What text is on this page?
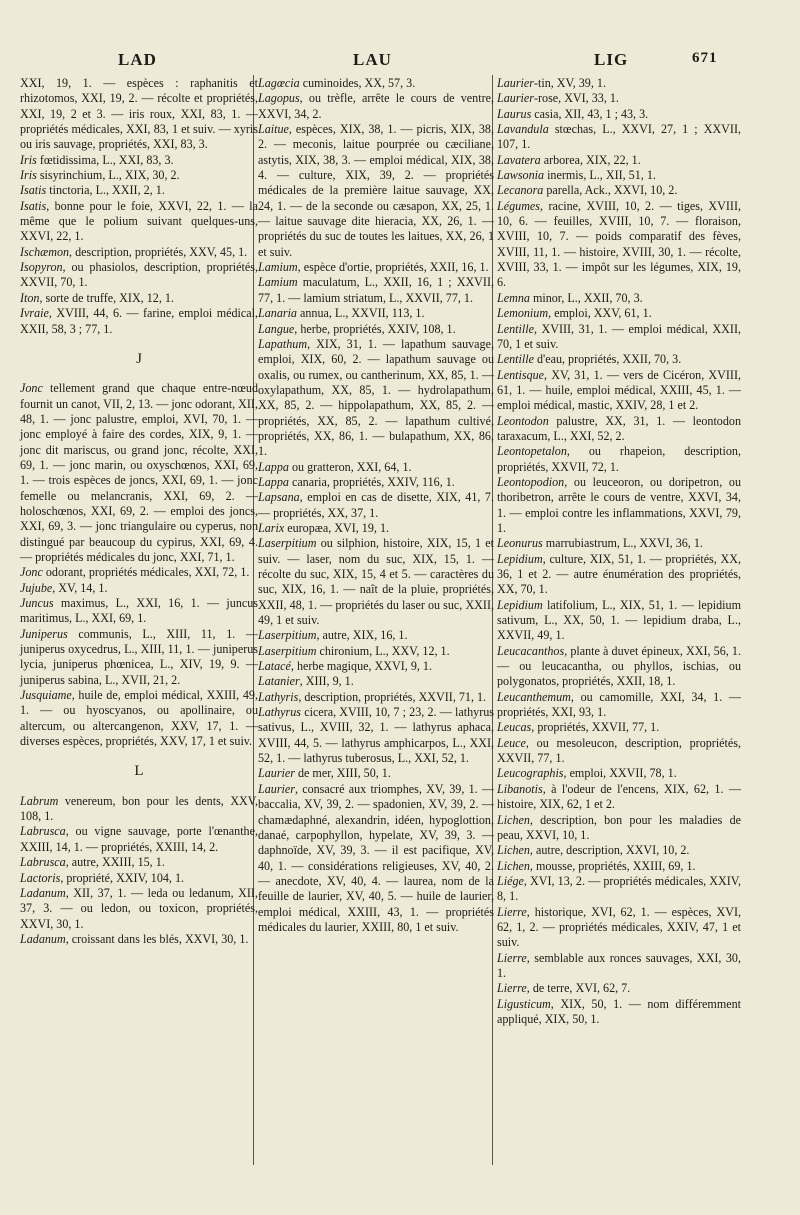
LAD	LAU	LIG	671

XXI, 19, 1. — espèces : raphanitis et rhizotomos, XXI, 19, 2. — récolte et propriétés, XXI, 19, 2 et 3. — iris roux, XXI, 83, 1. — propriétés médicales, XXI, 83, 1 et suiv. — xyris ou iris sauvage, propriétés, XXI, 83, 3.

Iris fœtidissima, L., XXI, 83, 3.

Iris sisyrinchium, L., XIX, 30, 2.

Isatis tinctoria, L., XXII, 2, 1.

Isatis, bonne pour le foie, XXVI, 22, 1. — la même que le polium suivant quelques-uns, XXVI, 22, 1.

Ischæmon, description, propriétés, XXV, 45, 1.

Isopyron, ou phasiolos, description, propriétés, XXVII, 70, 1.

Iton, sorte de truffe, XIX, 12, 1.

Ivraie, XVIII, 44, 6. — farine, emploi médical, XXII, 58, 3 ; 77, 1.

J

Jonc tellement grand que chaque entre-nœud fournit un canot, VII, 2, 13. — jonc odorant, XII, 48, 1. — jonc palustre, emploi, XVI, 70, 1. — jonc employé à faire des cordes, XIX, 9, 1. — jonc dit mariscus, ou grand jonc, récolte, XXI, 69, 1. — jonc marin, ou oxyschœnos, XXI, 69, 1. — trois espèces de joncs, XXI, 69, 1. — jonc femelle ou melancranis, XXI, 69, 2. — holoschœnos, XXI, 69, 2. — emploi des joncs, XXI, 69, 3. — jonc triangulaire ou cyperus, non distingué par beaucoup du cypirus, XXI, 69, 4. — propriétés médicales du jonc, XXI, 71, 1.

Jonc odorant, propriétés médicales, XXI, 72, 1.

Jujube, XV, 14, 1.

Juncus maximus, L., XXI, 16, 1. — juncus maritimus, L., XXI, 69, 1.

Juniperus communis, L., XIII, 11, 1. — juniperus oxycedrus, L., XIII, 11, 1. — juniperus lycia, juniperus phœnicea, L., XIV, 19, 9. — juniperus sabina, L., XVII, 21, 2.

Jusquiame, huile de, emploi médical, XXIII, 49, 1. — ou hyoscyanos, ou apollinaire, ou altercum, ou altercangenon, XXV, 17, 1. — diverses espèces, propriétés, XXV, 17, 1 et suiv.

L

Labrum venereum, bon pour les dents, XXV, 108, 1.

Labrusca, ou vigne sauvage, porte l'œnanthe, XXIII, 14, 1. — propriétés, XXIII, 14, 2.

Labrusca, autre, XXIII, 15, 1.

Lactoris, propriété, XXIV, 104, 1.

Ladanum, XII, 37, 1. — leda ou ledanum, XII, 37, 3. — ou ledon, ou toxicon, propriétés, XXVI, 30, 1.

Ladanum, croissant dans les blés, XXVI, 30, 1.

Lagœcia cuminoides, XX, 57, 3.

Lagopus, ou trèfle, arrête le cours de ventre, XXVI, 34, 2.

Laitue, espèces, XIX, 38, 1. — picris, XIX, 38, 2. — meconis, laitue pourprée ou cæciliane, astytis, XIX, 38, 3. — emploi médical, XIX, 38, 4. — culture, XIX, 39, 2. — propriétés médicales de la première laitue sauvage, XX, 24, 1. — de la seconde ou cæsapon, XX, 25, 1. — laitue sauvage dite hieracia, XX, 26, 1. — propriétés du suc de toutes les laitues, XX, 26, 1 et suiv.

Lamium, espèce d'ortie, propriétés, XXII, 16, 1.

Lamium maculatum, L., XXII, 16, 1 ; XXVII, 77, 1. — lamium striatum, L., XXVII, 77, 1.

Lanaria annua, L., XXVII, 113, 1.

Langue, herbe, propriétés, XXIV, 108, 1.

Lapathum, XIX, 31, 1. — lapathum sauvage, emploi, XIX, 60, 2. — lapathum sauvage ou oxalis, ou rumex, ou cantherinum, XX, 85, 1. — oxylapathum, XX, 85, 1. — hydrolapathum, XX, 85, 2. — hippolapathum, XX, 85, 2. — propriétés, XX, 85, 2. — lapathum cultivé, propriétés, XX, 86, 1. — bulapathum, XX, 86, 1.

Lappa ou gratteron, XXI, 64, 1.

Lappa canaria, propriétés, XXIV, 116, 1.

Lapsana, emploi en cas de disette, XIX, 41, 7. — propriétés, XX, 37, 1.

Larix europæa, XVI, 19, 1.

Laserpitium ou silphion, histoire, XIX, 15, 1 et suiv. — laser, nom du suc, XIX, 15, 1. — récolte du suc, XIX, 15, 4 et 5. — caractères du suc, XIX, 16, 1. — naît de la pluie, propriétés, XXII, 48, 1. — propriétés du laser ou suc, XXII, 49, 1 et suiv.

Laserpitium, autre, XIX, 16, 1.

Laserpitium chironium, L., XXV, 12, 1.

Latacé, herbe magique, XXVI, 9, 1.

Latanier, XIII, 9, 1.

Lathyris, description, propriétés, XXVII, 71, 1.

Lathyrus cicera, XVIII, 10, 7 ; 23, 2. — lathyrus sativus, L., XVIII, 32, 1. — lathyrus aphaca, XVIII, 44, 5. — lathyrus amphicarpos, L., XXI, 52, 1. — lathyrus tuberosus, L., XXI, 52, 1.

Laurier de mer, XIII, 50, 1.

Laurier, consacré aux triomphes, XV, 39, 1. — baccalia, XV, 39, 2. — spadonien, XV, 39, 2. — chamædaphné, alexandrin, idéen, hypoglottion, danaé, carpophyllon, hypelate, XV, 39, 3. — daphnoïde, XV, 39, 3. — il est pacifique, XV, 40, 1. — considérations religieuses, XV, 40, 2. — anecdote, XV, 40, 4. — laurea, nom de la feuille de laurier, XV, 40, 5. — huile de laurier, emploi médical, XXIII, 43, 1. — propriétés médicales du laurier, XXIII, 80, 1 et suiv.

Laurier-tin, XV, 39, 1.

Laurier-rose, XVI, 33, 1.

Laurus casia, XII, 43, 1 ; 43, 3.

Lavandula stœchas, L., XXVI, 27, 1 ; XXVII, 107, 1.

Lavatera arborea, XIX, 22, 1.

Lawsonia inermis, L., XII, 51, 1.

Lecanora parella, Ack., XXVI, 10, 2.

Légumes, racine, XVIII, 10, 2. — tiges, XVIII, 10, 6. — feuilles, XVIII, 10, 7. — floraison, XVIII, 10, 7. — poids comparatif des fèves, XVIII, 11, 1. — histoire, XVIII, 30, 1. — récolte, XVIII, 33, 1. — impôt sur les légumes, XIX, 19, 6.

Lemna minor, L., XXII, 70, 3.

Lemonium, emploi, XXV, 61, 1.

Lentille, XVIII, 31, 1. — emploi médical, XXII, 70, 1 et suiv.

Lentille d'eau, propriétés, XXII, 70, 3.

Lentisque, XV, 31, 1. — vers de Cicéron, XVIII, 61, 1. — huile, emploi médical, XXIII, 45, 1. — emploi médical, mastic, XXIV, 28, 1 et 2.

Leontodon palustre, XX, 31, 1. — leontodon taraxacum, L., XXI, 52, 2.

Leontopetalon, ou rhapeion, description, propriétés, XXVII, 72, 1.

Leontopodion, ou leuceoron, ou doripetron, ou thoribetron, arrête le cours de ventre, XXVI, 34, 1. — emploi contre les inflammations, XXVI, 79, 1.

Leonurus marrubiastrum, L., XXVI, 36, 1.

Lepidium, culture, XIX, 51, 1. — propriétés, XX, 36, 1 et 2. — autre énumération des propriétés, XX, 70, 1.

Lepidium latifolium, L., XIX, 51, 1. — lepidium sativum, L., XX, 50, 1. — lepidium draba, L., XXVII, 49, 1.

Leucacanthos, plante à duvet épineux, XXI, 56, 1. — ou leucacantha, ou phyllos, ischias, ou polygonatos, propriétés, XXII, 18, 1.

Leucanthemum, ou camomille, XXI, 34, 1. — propriétés, XXI, 93, 1.

Leucas, propriétés, XXVII, 77, 1.

Leuce, ou mesoleucon, description, propriétés, XXVII, 77, 1.

Leucographis, emploi, XXVII, 78, 1.

Libanotis, à l'odeur de l'encens, XIX, 62, 1. — histoire, XIX, 62, 1 et 2.

Lichen, description, bon pour les maladies de peau, XXVI, 10, 1.

Lichen, autre, description, XXVI, 10, 2.

Lichen, mousse, propriétés, XXIII, 69, 1.

Liége, XVI, 13, 2. — propriétés médicales, XXIV, 8, 1.

Lierre, historique, XVI, 62, 1. — espèces, XVI, 62, 1, 2. — propriétés médicales, XXIV, 47, 1 et suiv.

Lierre, semblable aux ronces sauvages, XXI, 30, 1.

Lierre, de terre, XVI, 62, 7.

Ligusticum, XIX, 50, 1. — nom différemment appliqué, XIX, 50, 1.
